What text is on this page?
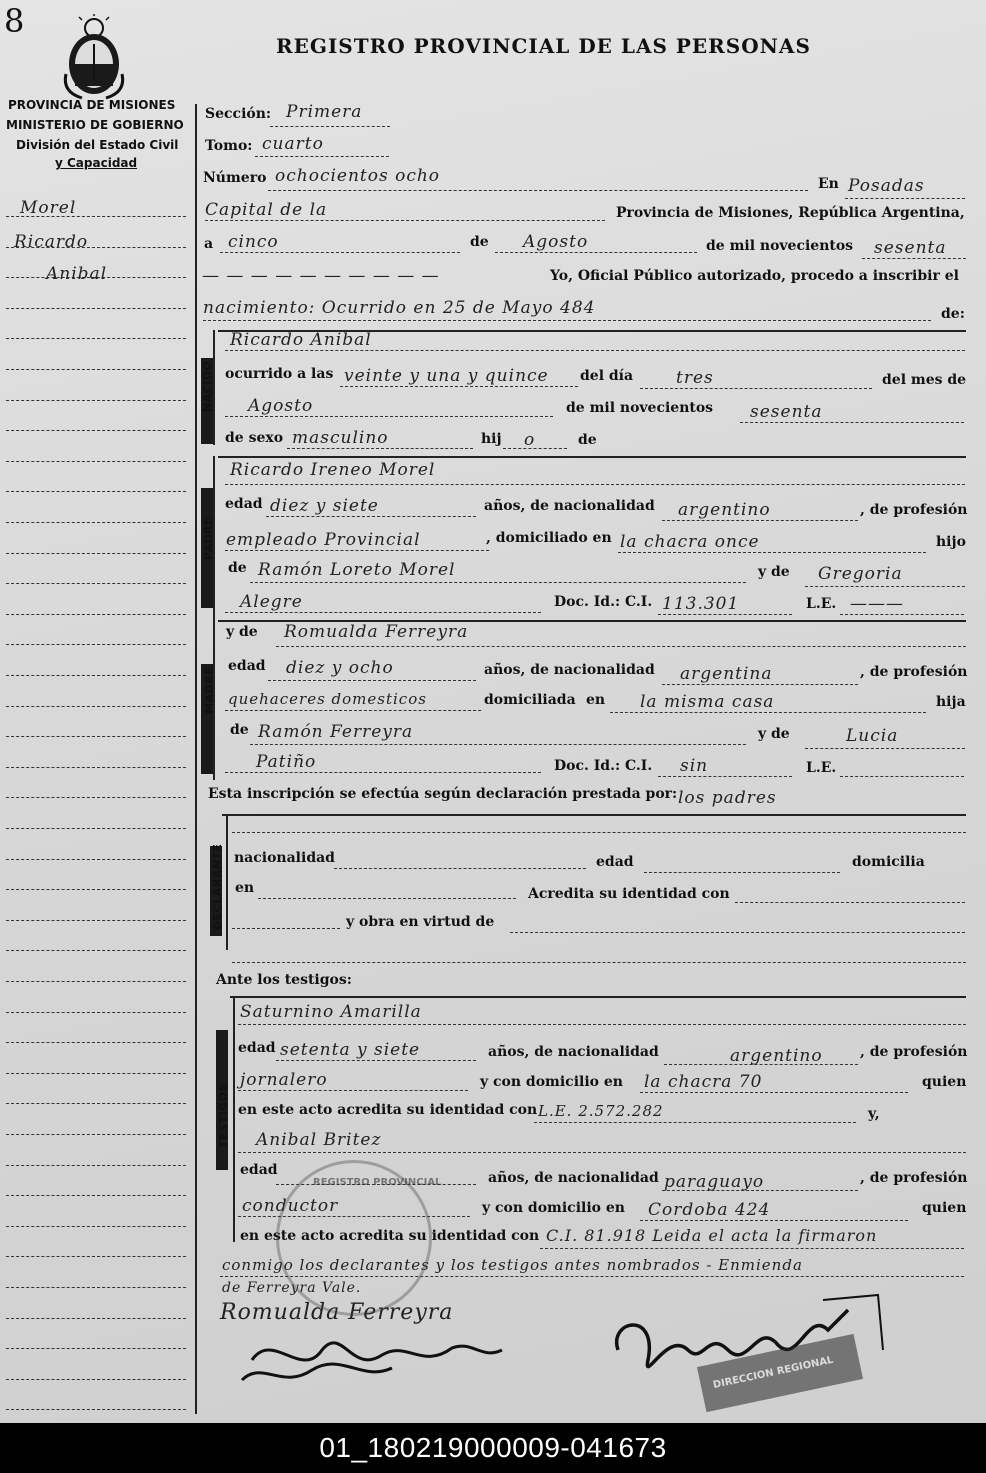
8
REGISTRO PROVINCIAL DE LAS PERSONAS
PROVINCIA DE MISIONES
MINISTERIO DE GOBIERNO
División del Estado Civil
y Capacidad
Morel
Ricardo
Anibal
Sección: Primera
Tomo: cuarto
Número ochocientos ocho	En Posadas
Capital de la	Provincia de Misiones, República Argentina,
a cinco	de Agosto	de mil novecientos sesenta
— — — — — — — — — —	Yo, Oficial Público autorizado, procedo a inscribir el
nacimiento: Ocurrido en 25 de Mayo 484	de:
NACIDO
Ricardo Anibal
ocurrido a las veinte y una y quince del día	tres	del mes de
Agosto	de mil novecientos sesenta
de sexo masculino	hij o	de
PADRE
Ricardo Ireneo Morel
edad diez y siete	años, de nacionalidad argentino	, de profesión
empleado Provincial	, domiciliado en la chacra once	hijo
de Ramón Loreto Morel	y de Gregoria
Alegre	Doc. Id.: C.I. 113.301	L.E. ———
MADRE
y de Romualda Ferreyra
edad diez y ocho	años, de nacionalidad argentina	, de profesión
quehaceres domesticos	domiciliada en la misma casa	hija
de Ramón Ferreyra	y de	Lucia
Patiño	Doc. Id.: C.I. sin	L.E.
Esta inscripción se efectúa según declaración prestada por: los padres
DECLARANTE nacionalidad	edad	domicilia
en	Acredita su identidad con
y obra en virtud de
Ante los testigos:
TESTIGOS
Saturnino Amarilla
edad setenta y siete	años, de nacionalidad	argentino	, de profesión
jornalero	y con domicilio en la chacra 70	quien
en este acto acredita su identidad con L.E. 2.572.282	y,
Anibal Britez
edad	años, de nacionalidad paraguayo	, de profesión
conductor	y con domicilio en Cordoba 424	quien
en este acto acredita su identidad con C.I. 81.918 Leida el acta la firmaron
conmigo los declarantes y los testigos antes nombrados - Enmienda
de Ferreyra Vale.
Romualda Ferreyra
REGISTRO PROVINCIAL
DIRECCION REGIONAL
01_180219000009-041673
